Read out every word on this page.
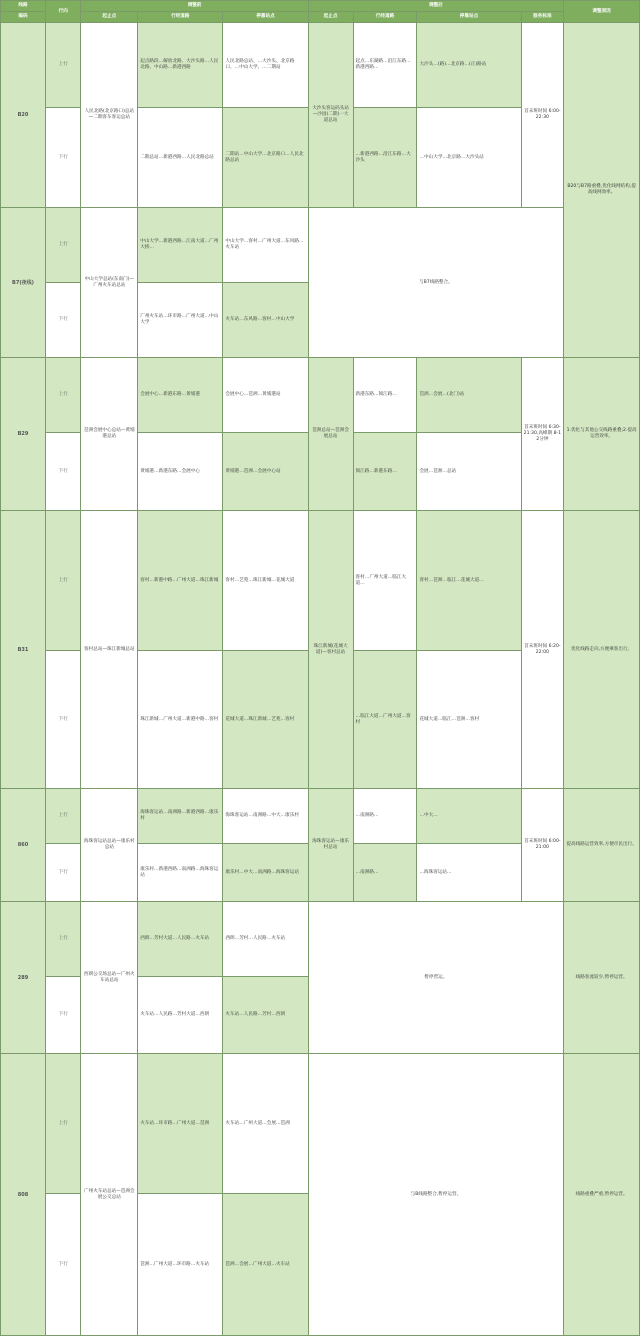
线路	行向	调整前			调整后				调整原因
编码		起止点	行经道路	停靠站点	起止点	行经道路	停靠站点	服务标准	
B20	上行	人民北路(北京路口)总站—二期客车客运总站	起点路段…解放北路、大沙头路…人民北路、中山路…新港西路	人民北路总站、…大沙头、北京路口、…中山大学、…二期站	大沙头客运码头站—沙园(二期)一大道总站	起点…东湖路…沿江东路…新港西路…	大沙头…(路)…北京路…(正)路站	首末班时间 6:00-22:30	B20与B7路重叠,优化线网结构,提高线网效率。
	下行		二期总站…新港西路…人民北路总站	二期站…中山大学…北京路口…人民北路总站		…新港西路…沿江东路…大沙头	…中山大学…北京路…大沙头站		
B7(夜线)	上行	中山大学总站(东南门)—广州火车站总站	中山大学…新港西路…江南大道…广州大桥…	中山大学…客村…广州大道…东风路…火车站	与B7线路整合。				
	下行		广州火车站…环市路…广州大道…中山大学	火车站…东风路…客村…中山大学					
B29	上行	琶洲会展中心总站—黄埔港总站	会展中心…新港东路…黄埔港	会展中心…琶洲…黄埔港站	琶洲总站—琶洲会展总站	新港东路…阅江路…	琶洲…会展…(北门)站	首末班时间 6:30-21:30,高峰期 8-12分钟	1.优化与其他公交线路重叠;2.提高运营效率。
	下行		黄埔港…新港东路…会展中心	黄埔港…琶洲…会展中心站		阅江路…新港东路…	会展…琶洲…总站		
B31	上行	客村总站—珠江新城总站	客村…新港中路…广州大道…珠江新城	客村…艺苑…珠江新城…花城大道	珠江新城(花城大道)—客村总站	客村…广州大道…临江大道…	客村…琶洲…临江…花城大道…	首末班时间 6:20-22:00	优化线路走向,方便乘客出行。
	下行		珠江新城…广州大道…新港中路…客村	花城大道…珠江新城…艺苑…客村		…临江大道…广州大道…客村	花城大道…临江…琶洲…客村		
860	上行	海珠客运站总站—康乐村总站	海珠客运站…南洲路…新港西路…康乐村	海珠客运站…南洲路…中大…康乐村	海珠客运站—康乐村总站	…南洲路…	…中大…	首末班时间 6:00-21:00	提高线路运营效率,方便市民出行。
	下行		康乐村…新港西路…南洲路…海珠客运站	康乐村…中大…南洲路…海珠客运站		…南洲路…	…海珠客运站…		
289	上行	西朗公交场总站—广州火车站总站	西朗…芳村大道…人民路…火车站	西朗…芳村…人民路…火车站	暂停营运。				线路客流较少,暂停运营。
	下行		火车站…人民路…芳村大道…西朗	火车站…人民路…芳村…西朗					
808	上行	广州火车站总站—琶洲会展公交总站	火车站…环市路…广州大道…琶洲	火车站…广州大道…会展…琶洲	与B线路整合,暂停运营。				线路重叠严重,暂停运营。
	下行		琶洲…广州大道…环市路…火车站	琶洲…会展…广州大道…火车站					
